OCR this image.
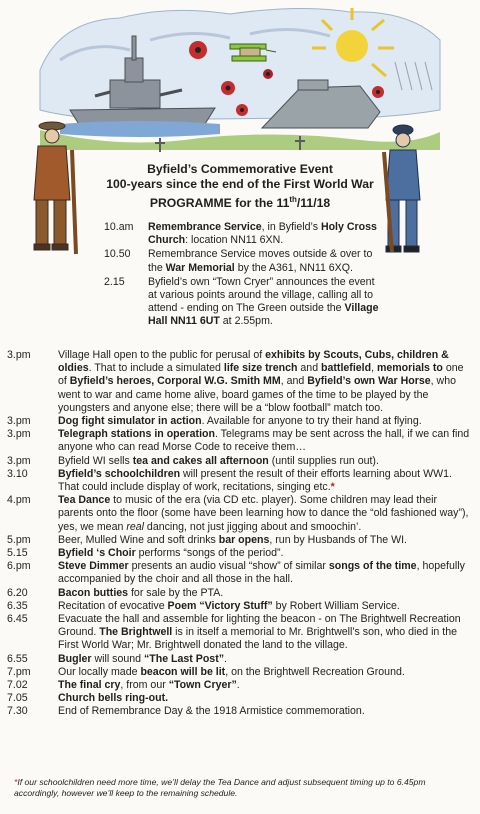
Byfield’s Commemorative Event
100-years since the end of the First World War
PROGRAMME for the 11th/11/18
10.am	Remembrance Service, in Byfield’s Holy Cross Church: location NN11 6XN.
10.50	Remembrance Service moves outside & over to the War Memorial by the A361, NN11 6XQ.
2.15	Byfield’s own “Town Cryer” announces the event at various points around the village, calling all to attend - ending on The Green outside the Village Hall NN11 6UT at 2.55pm.
3.pm	Village Hall open to the public for perusal of exhibits by Scouts, Cubs, children & oldies. That to include a simulated life size trench and battlefield, memorials to one of Byfield’s heroes, Corporal W.G. Smith MM, and Byfield’s own War Horse, who went to war and came home alive, board games of the time to be played by the youngsters and anyone else; there will be a “blow football” match too.
3.pm	Dog fight simulator in action. Available for anyone to try their hand at flying.
3.pm	Telegraph stations in operation. Telegrams may be sent across the hall, if we can find anyone who can read Morse Code to receive them…
3.pm	Byfield WI sells tea and cakes all afternoon (until supplies run out).
3.10	Byfield’s schoolchildren will present the result of their efforts learning about WW1. That could include display of work, recitations, singing etc.*
4.pm	Tea Dance to music of the era (via CD etc. player). Some children may lead their parents onto the floor (some have been learning how to dance the “old fashioned way”), yes, we mean real dancing, not just jigging about and smoochin’.
5.pm	Beer, Mulled Wine and soft drinks bar opens, run by Husbands of The WI.
5.15	Byfield ‘s Choir performs “songs of the period”.
6.pm	Steve Dimmer presents an audio visual “show” of similar songs of the time, hopefully accompanied by the choir and all those in the hall.
6.20	Bacon butties for sale by the PTA.
6.35	Recitation of evocative Poem “Victory Stuff” by Robert William Service.
6.45	Evacuate the hall and assemble for lighting the beacon - on The Brightwell Recreation Ground. The Brightwell is in itself a memorial to Mr. Brightwell’s son, who died in the First World War; Mr. Brightwell donated the land to the village.
6.55	Bugler will sound “The Last Post”.
7.pm	Our locally made beacon will be lit, on the Brightwell Recreation Ground.
7.02	The final cry, from our “Town Cryer”.
7.05	Church bells ring-out.
7.30	End of Remembrance Day & the 1918 Armistice commemoration.
*If our schoolchildren need more time, we’ll delay the Tea Dance and adjust subsequent timing up to 6.45pm accordingly, however we’ll keep to the remaining schedule.
